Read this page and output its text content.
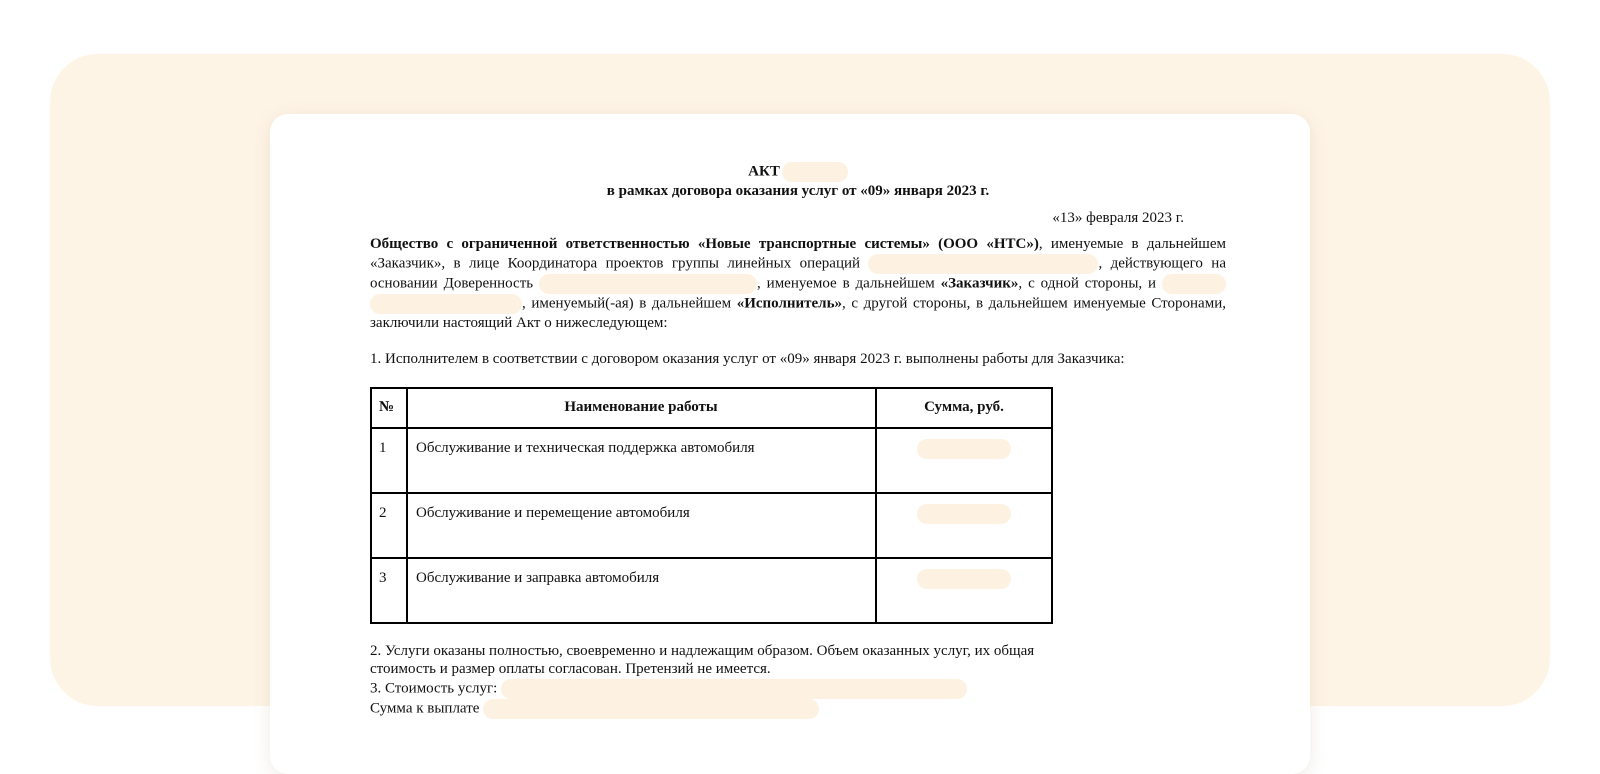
АКТ
в рамках договора оказания услуг от «09» января 2023 г.
«13» февраля 2023 г.
Общество с ограниченной ответственностью «Новые транспортные системы» (ООО «НТС»), именуемые в дальнейшем «Заказчик», в лице Координатора проектов группы линейных операций	, действующего на основании Доверенность	, именуемое в дальнейшем «Заказчик», с одной стороны, и  , именуемый(-ая) в дальнейшем «Исполнитель», с другой стороны, в дальнейшем именуемые Сторонами, заключили настоящий Акт о нижеследующем:
1. Исполнителем в соответствии с договором оказания услуг от «09» января 2023 г. выполнены работы для Заказчика:
№	Наименование работы	Сумма, руб.
1	Обслуживание и техническая поддержка автомобиля	
2	Обслуживание и перемещение автомобиля	
3	Обслуживание и заправка автомобиля	
2. Услуги оказаны полностью, своевременно и надлежащим образом. Объем оказанных услуг, их общая
стоимость и размер оплаты согласован. Претензий не имеется.
3. Стоимость услуг:
Сумма к выплате
